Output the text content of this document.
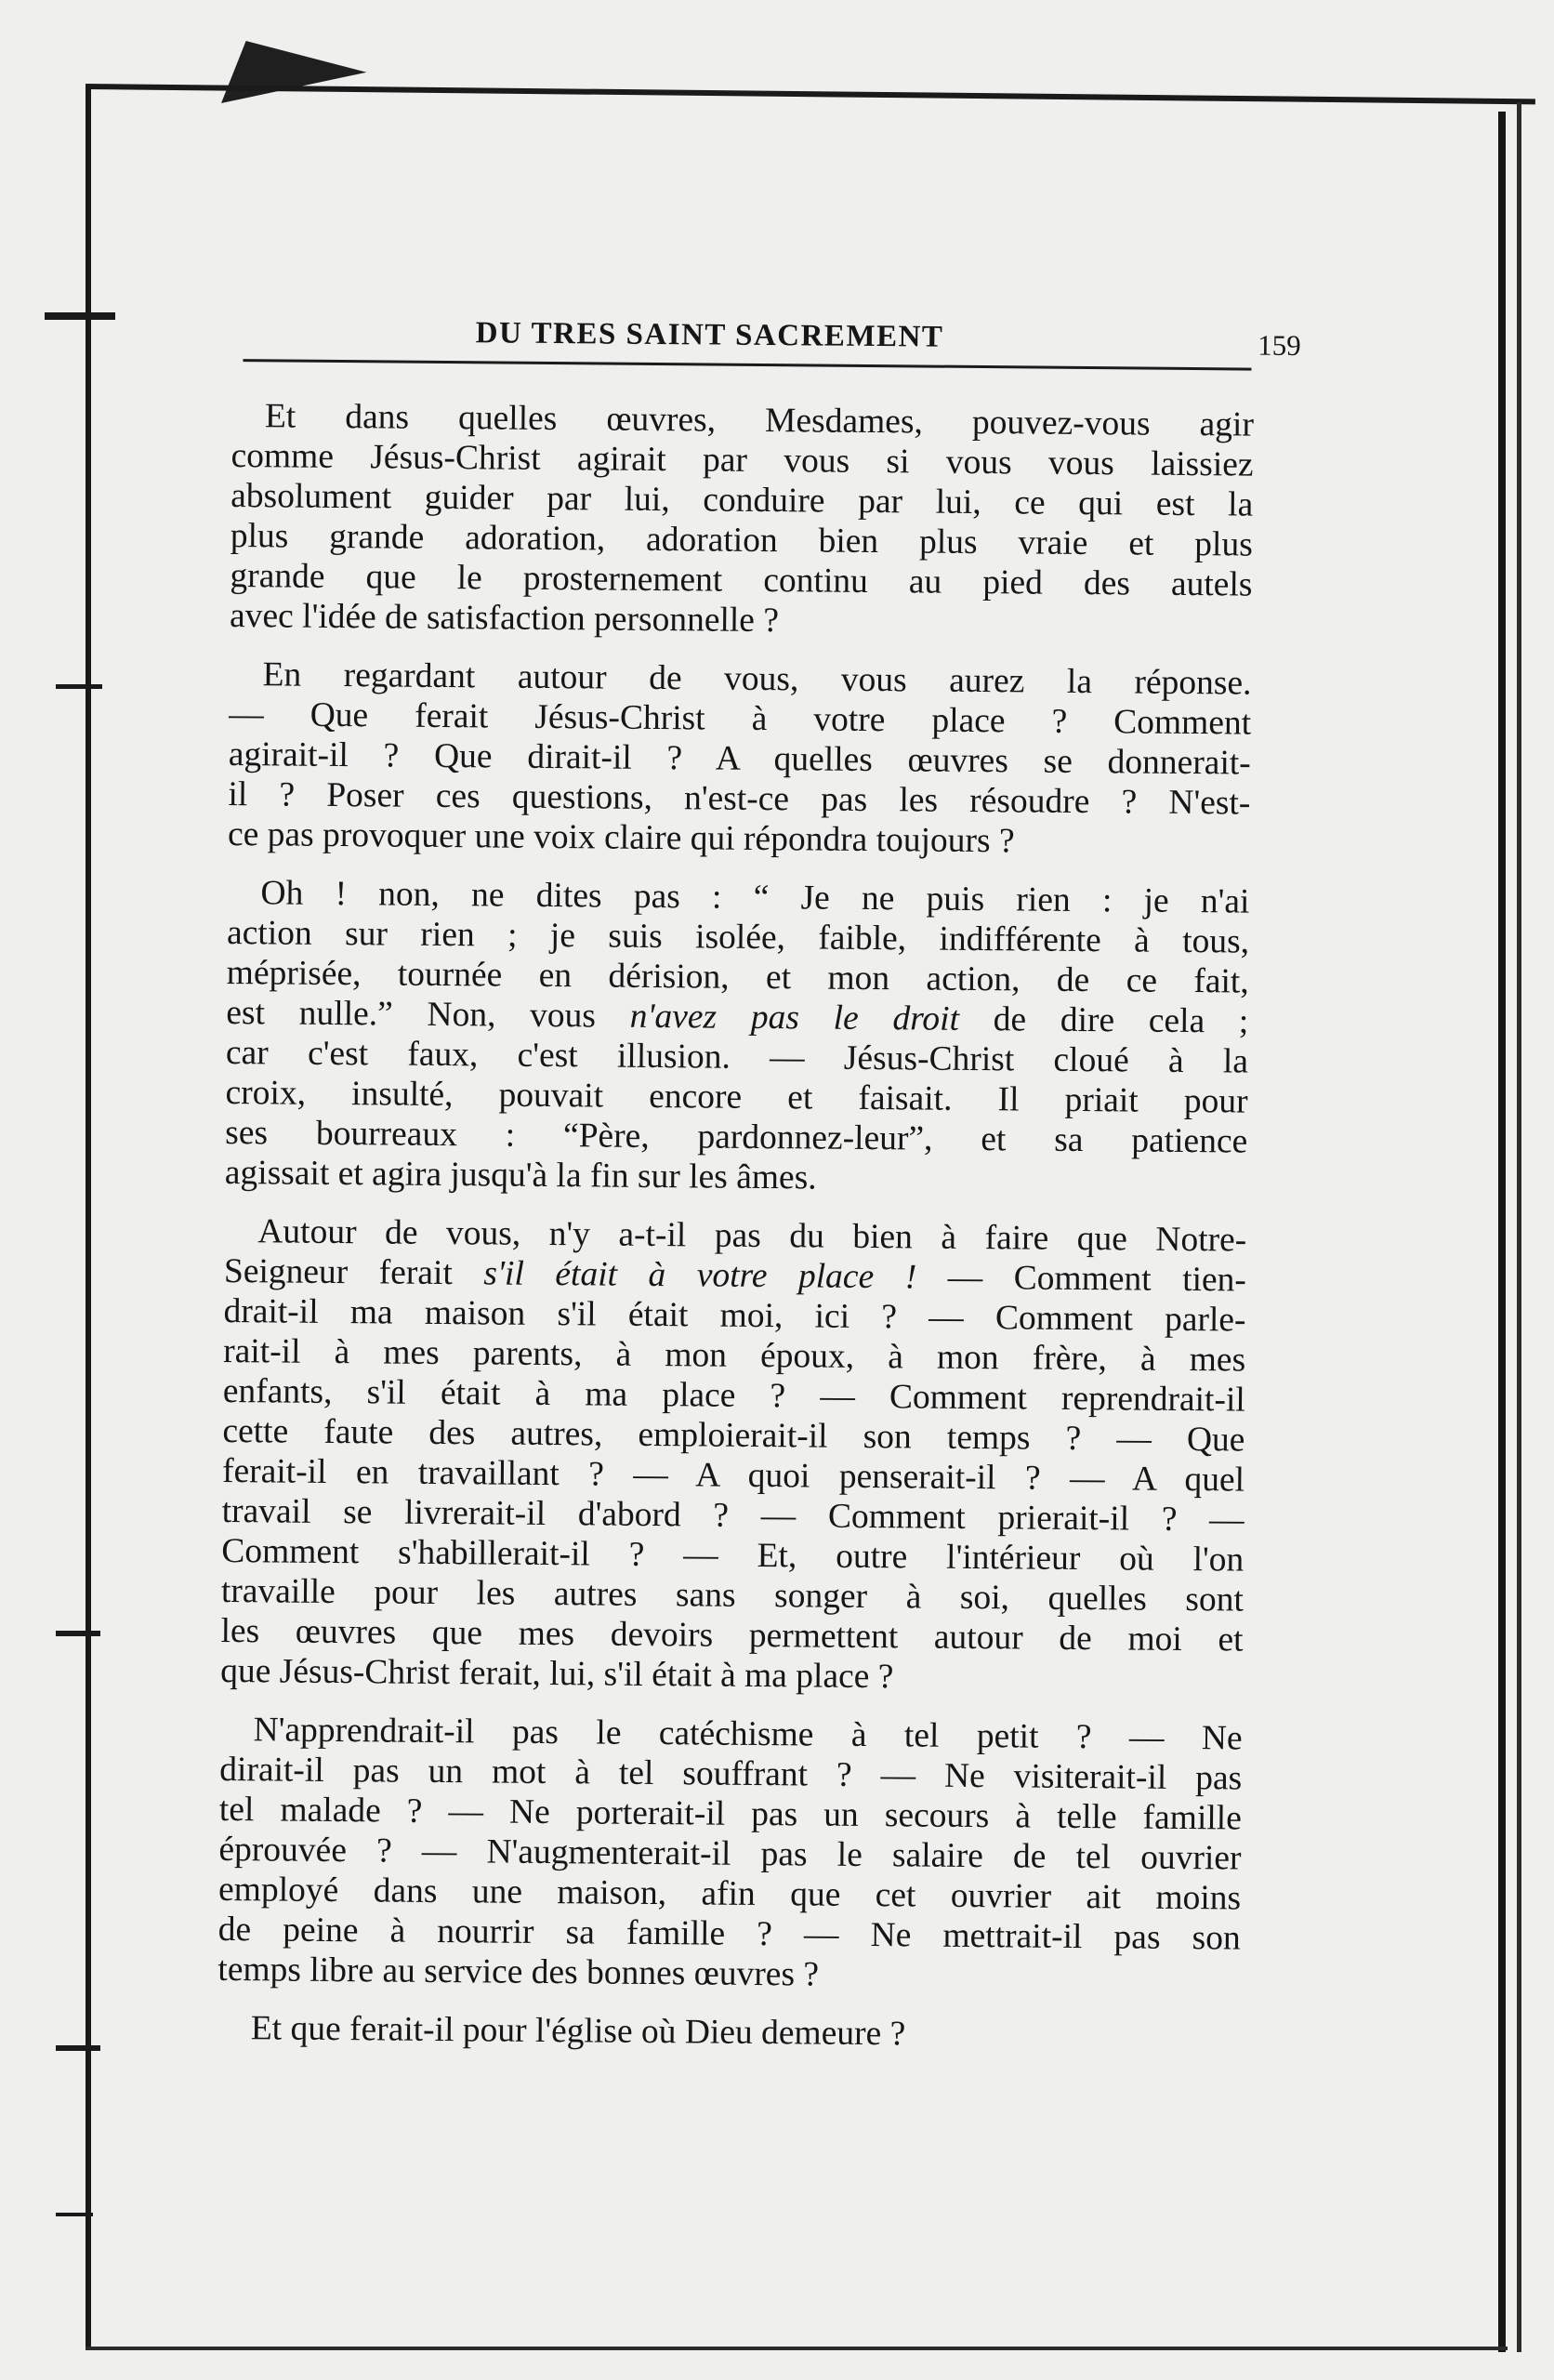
DU TRES SAINT SACREMENT	159

Et dans quelles œuvres, Mesdames, pouvez-vous agir
comme Jésus-Christ agirait par vous si vous vous laissiez
absolument guider par lui, conduire par lui, ce qui est la
plus grande adoration, adoration bien plus vraie et plus
grande que le prosternement continu au pied des autels
avec l'idée de satisfaction personnelle ?

En regardant autour de vous, vous aurez la réponse.
— Que ferait Jésus-Christ à votre place ? Comment
agirait-il ? Que dirait-il ? A quelles œuvres se donnerait-
il ? Poser ces questions, n'est-ce pas les résoudre ? N'est-
ce pas provoquer une voix claire qui répondra toujours ?

Oh ! non, ne dites pas : “ Je ne puis rien : je n'ai
action sur rien ; je suis isolée, faible, indifférente à tous,
méprisée, tournée en dérision, et mon action, de ce fait,
est nulle.” Non, vous n'avez pas le droit de dire cela ;
car c'est faux, c'est illusion. — Jésus-Christ cloué à la
croix, insulté, pouvait encore et faisait. Il priait pour
ses bourreaux : “Père, pardonnez-leur”, et sa patience
agissait et agira jusqu'à la fin sur les âmes.

Autour de vous, n'y a-t-il pas du bien à faire que Notre-
Seigneur ferait s'il était à votre place ! — Comment tien-
drait-il ma maison s'il était moi, ici ? — Comment parle-
rait-il à mes parents, à mon époux, à mon frère, à mes
enfants, s'il était à ma place ? — Comment reprendrait-il
cette faute des autres, emploierait-il son temps ? — Que
ferait-il en travaillant ? — A quoi penserait-il ? — A quel
travail se livrerait-il d'abord ? — Comment prierait-il ? —
Comment s'habillerait-il ? — Et, outre l'intérieur où l'on
travaille pour les autres sans songer à soi, quelles sont
les œuvres que mes devoirs permettent autour de moi et
que Jésus-Christ ferait, lui, s'il était à ma place ?

N'apprendrait-il pas le catéchisme à tel petit ? — Ne
dirait-il pas un mot à tel souffrant ? — Ne visiterait-il pas
tel malade ? — Ne porterait-il pas un secours à telle famille
éprouvée ? — N'augmenterait-il pas le salaire de tel ouvrier
employé dans une maison, afin que cet ouvrier ait moins
de peine à nourrir sa famille ? — Ne mettrait-il pas son
temps libre au service des bonnes œuvres ?

Et que ferait-il pour l'église où Dieu demeure ?
